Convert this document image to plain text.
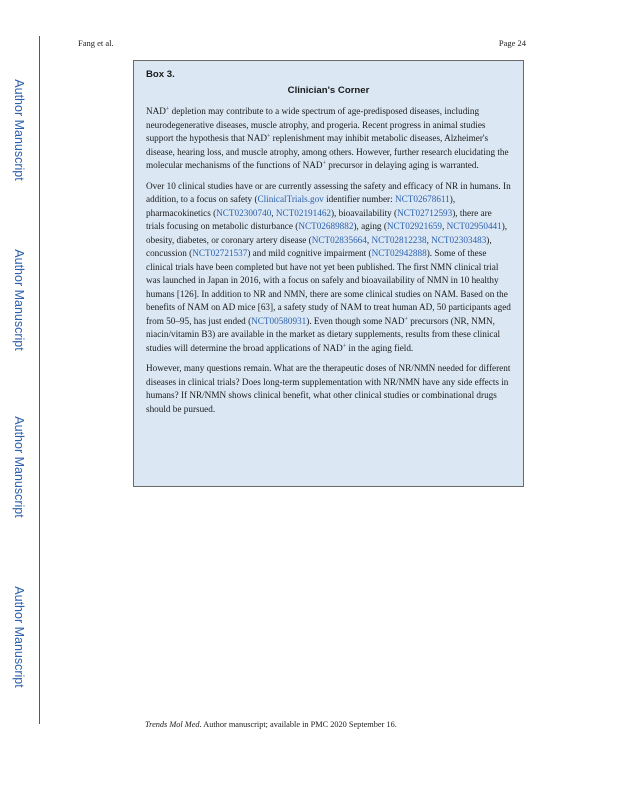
Author Manuscript
Author Manuscript
Author Manuscript
Author Manuscript
Fang et al.	Page 24
Box 3.
Clinician's Corner

NAD+ depletion may contribute to a wide spectrum of age-predisposed diseases, including neurodegenerative diseases, muscle atrophy, and progeria. Recent progress in animal studies support the hypothesis that NAD+ replenishment may inhibit metabolic diseases, Alzheimer's disease, hearing loss, and muscle atrophy, among others. However, further research elucidating the molecular mechanisms of the functions of NAD+ precursor in delaying aging is warranted.

Over 10 clinical studies have or are currently assessing the safety and efficacy of NR in humans. In addition, to a focus on safety (ClinicalTrials.gov identifier number: NCT02678611), pharmacokinetics (NCT02300740, NCT02191462), bioavailability (NCT02712593), there are trials focusing on metabolic disturbance (NCT02689882), aging (NCT02921659, NCT02950441), obesity, diabetes, or coronary artery disease (NCT02835664, NCT02812238, NCT02303483), concussion (NCT02721537) and mild cognitive impairment (NCT02942888). Some of these clinical trials have been completed but have not yet been published. The first NMN clinical trial was launched in Japan in 2016, with a focus on safely and bioavailability of NMN in 10 healthy humans [126]. In addition to NR and NMN, there are some clinical studies on NAM. Based on the benefits of NAM on AD mice [63], a safety study of NAM to treat human AD, 50 participants aged from 50–95, has just ended (NCT00580931). Even though some NAD+ precursors (NR, NMN, niacin/vitamin B3) are available in the market as dietary supplements, results from these clinical studies will determine the broad applications of NAD+ in the aging field.

However, many questions remain. What are the therapeutic doses of NR/NMN needed for different diseases in clinical trials? Does long-term supplementation with NR/NMN have any side effects in humans? If NR/NMN shows clinical benefit, what other clinical studies or combinational drugs should be pursued.

Trends Mol Med. Author manuscript; available in PMC 2020 September 16.
